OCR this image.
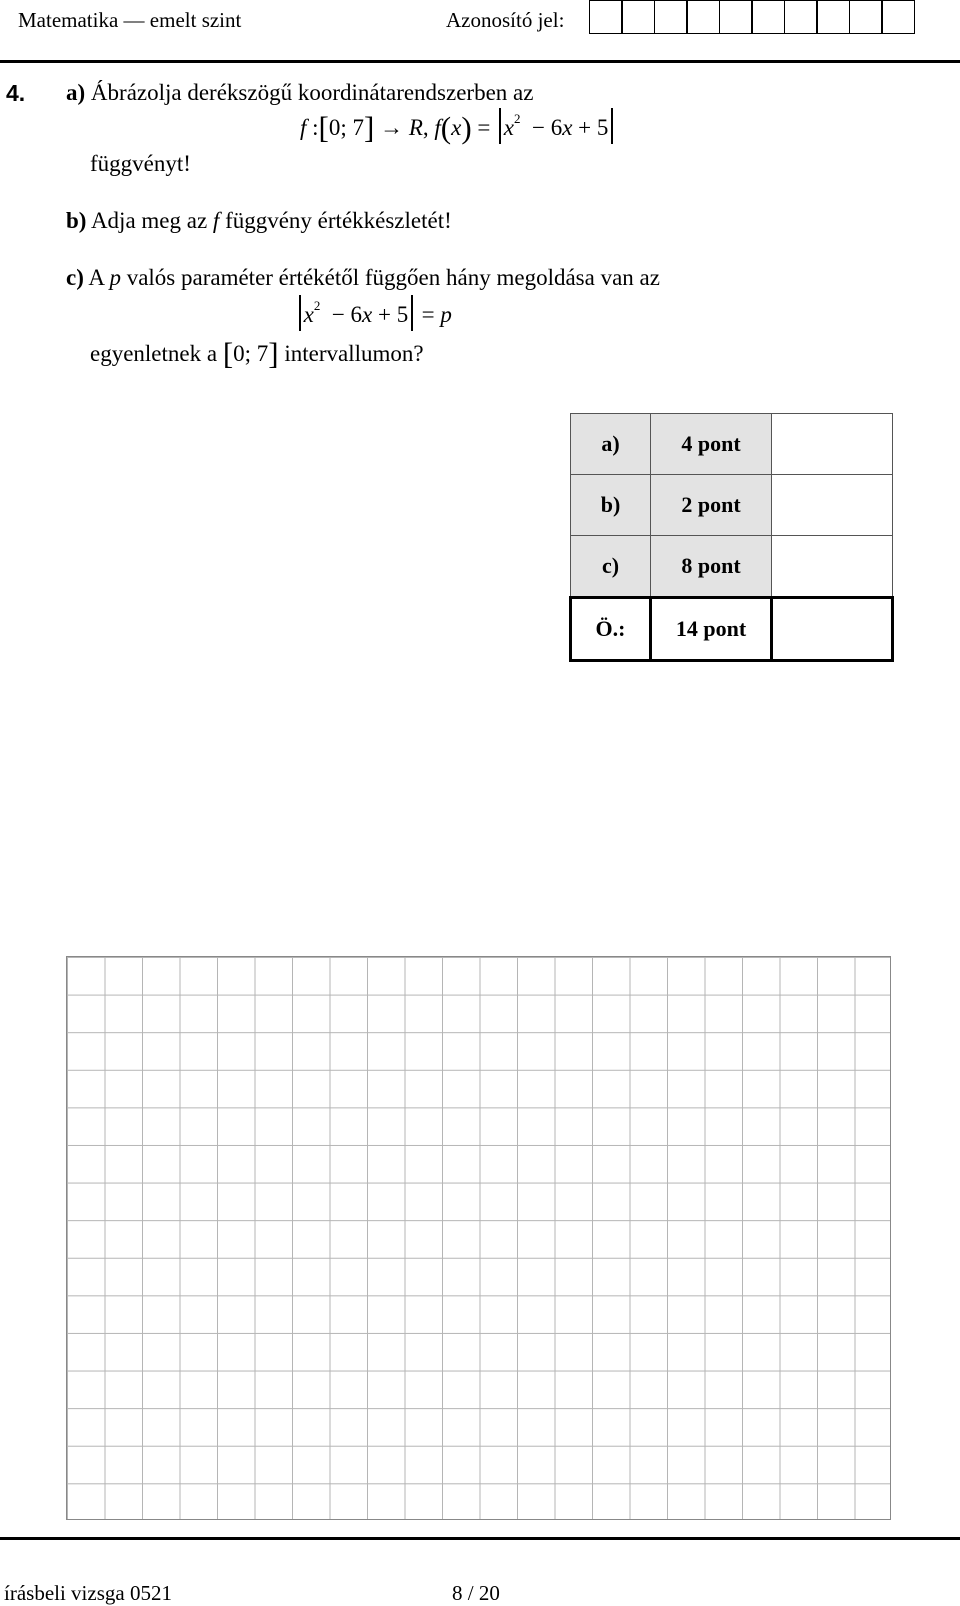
Matematika — emelt szint	Azonosító jel:
4. a) Ábrázolja derékszögű koordinátarendszerben az
f :[0; 7] → R, $f(x) = x^2 - 6x + 5$
függvényt!
b) Adja meg az f függvény értékkészletét!
c) A p valós paraméter értékétől függően hány megoldása van az
$x^2 - 6x + 5 = p$
egyenletnek a [0; 7] intervallumon?
a)	4 pont	
b)	2 pont	
c)	8 pont	
Ö.:	14 pont	
írásbeli vizsga 0521	8 / 20
